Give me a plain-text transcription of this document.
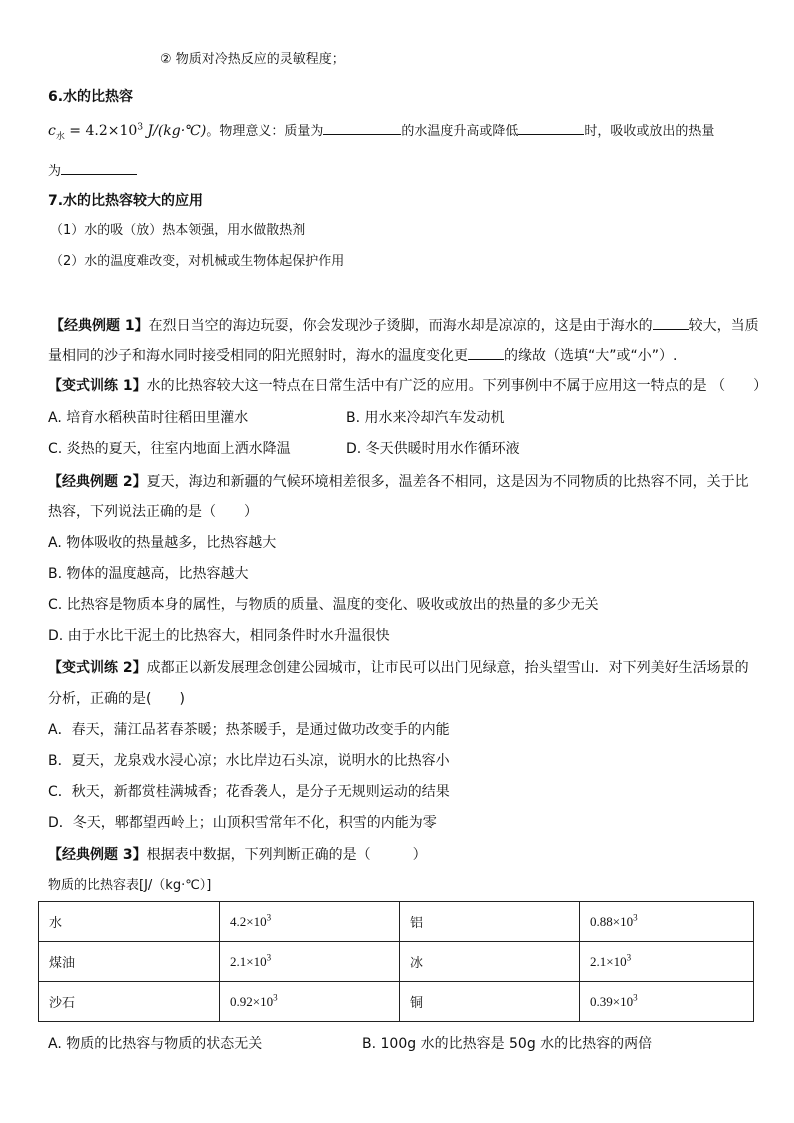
② 物质对冷热反应的灵敏程度；
6.水的比热容
$c_水 = 4.2\times 10^3$ J/(kg·℃)。物理意义：质量为	的水温度升高或降低	时，吸收或放出的热量
为
7.水的比热容较大的应用
（1）水的吸（放）热本领强，用水做散热剂
（2）水的温度难改变，对机械或生物体起保护作用
【经典例题 1】在烈日当空的海边玩耍，你会发现沙子烫脚，而海水却是凉凉的，这是由于海水的	较大，当质
量相同的沙子和海水同时接受相同的阳光照射时，海水的温度变化更	的缘故（选填“大”或“小”）.
【变式训练 1】水的比热容较大这一特点在日常生活中有广泛的应用。下列事例中不属于应用这一特点的是 （　　）
A. 培育水稻秧苗时往稻田里灌水	B. 用水来冷却汽车发动机
C. 炎热的夏天，往室内地面上洒水降温	D. 冬天供暖时用水作循环液
【经典例题 2】夏天，海边和新疆的气候环境相差很多，温差各不相同，这是因为不同物质的比热容不同，关于比
热容，下列说法正确的是（　　）
A. 物体吸收的热量越多，比热容越大
B. 物体的温度越高，比热容越大
C. 比热容是物质本身的属性，与物质的质量、温度的变化、吸收或放出的热量的多少无关
D. 由于水比干泥土的比热容大，相同条件时水升温很快
【变式训练 2】成都正以新发展理念创建公园城市，让市民可以出门见绿意，抬头望雪山．对下列美好生活场景的
分析，正确的是(　　)
A．春天，蒲江品茗春茶暖；热茶暖手，是通过做功改变手的内能
B．夏天，龙泉戏水浸心凉；水比岸边石头凉，说明水的比热容小
C．秋天，新都赏桂满城香；花香袭人，是分子无规则运动的结果
D．冬天，郫都望西岭上；山顶积雪常年不化，积雪的内能为零
【经典例题 3】根据表中数据，下列判断正确的是（　　　）
物质的比热容表[J/（kg·℃）]
水	$4.2\times 10^3$	铝	$0.88\times 10^3$
煤油	$2.1\times 10^3$	冰	$2.1\times 10^3$
沙石	$0.92\times 10^3$	铜	$0.39\times 10^3$
A. 物质的比热容与物质的状态无关	B. 100g 水的比热容是 50g 水的比热容的两倍
